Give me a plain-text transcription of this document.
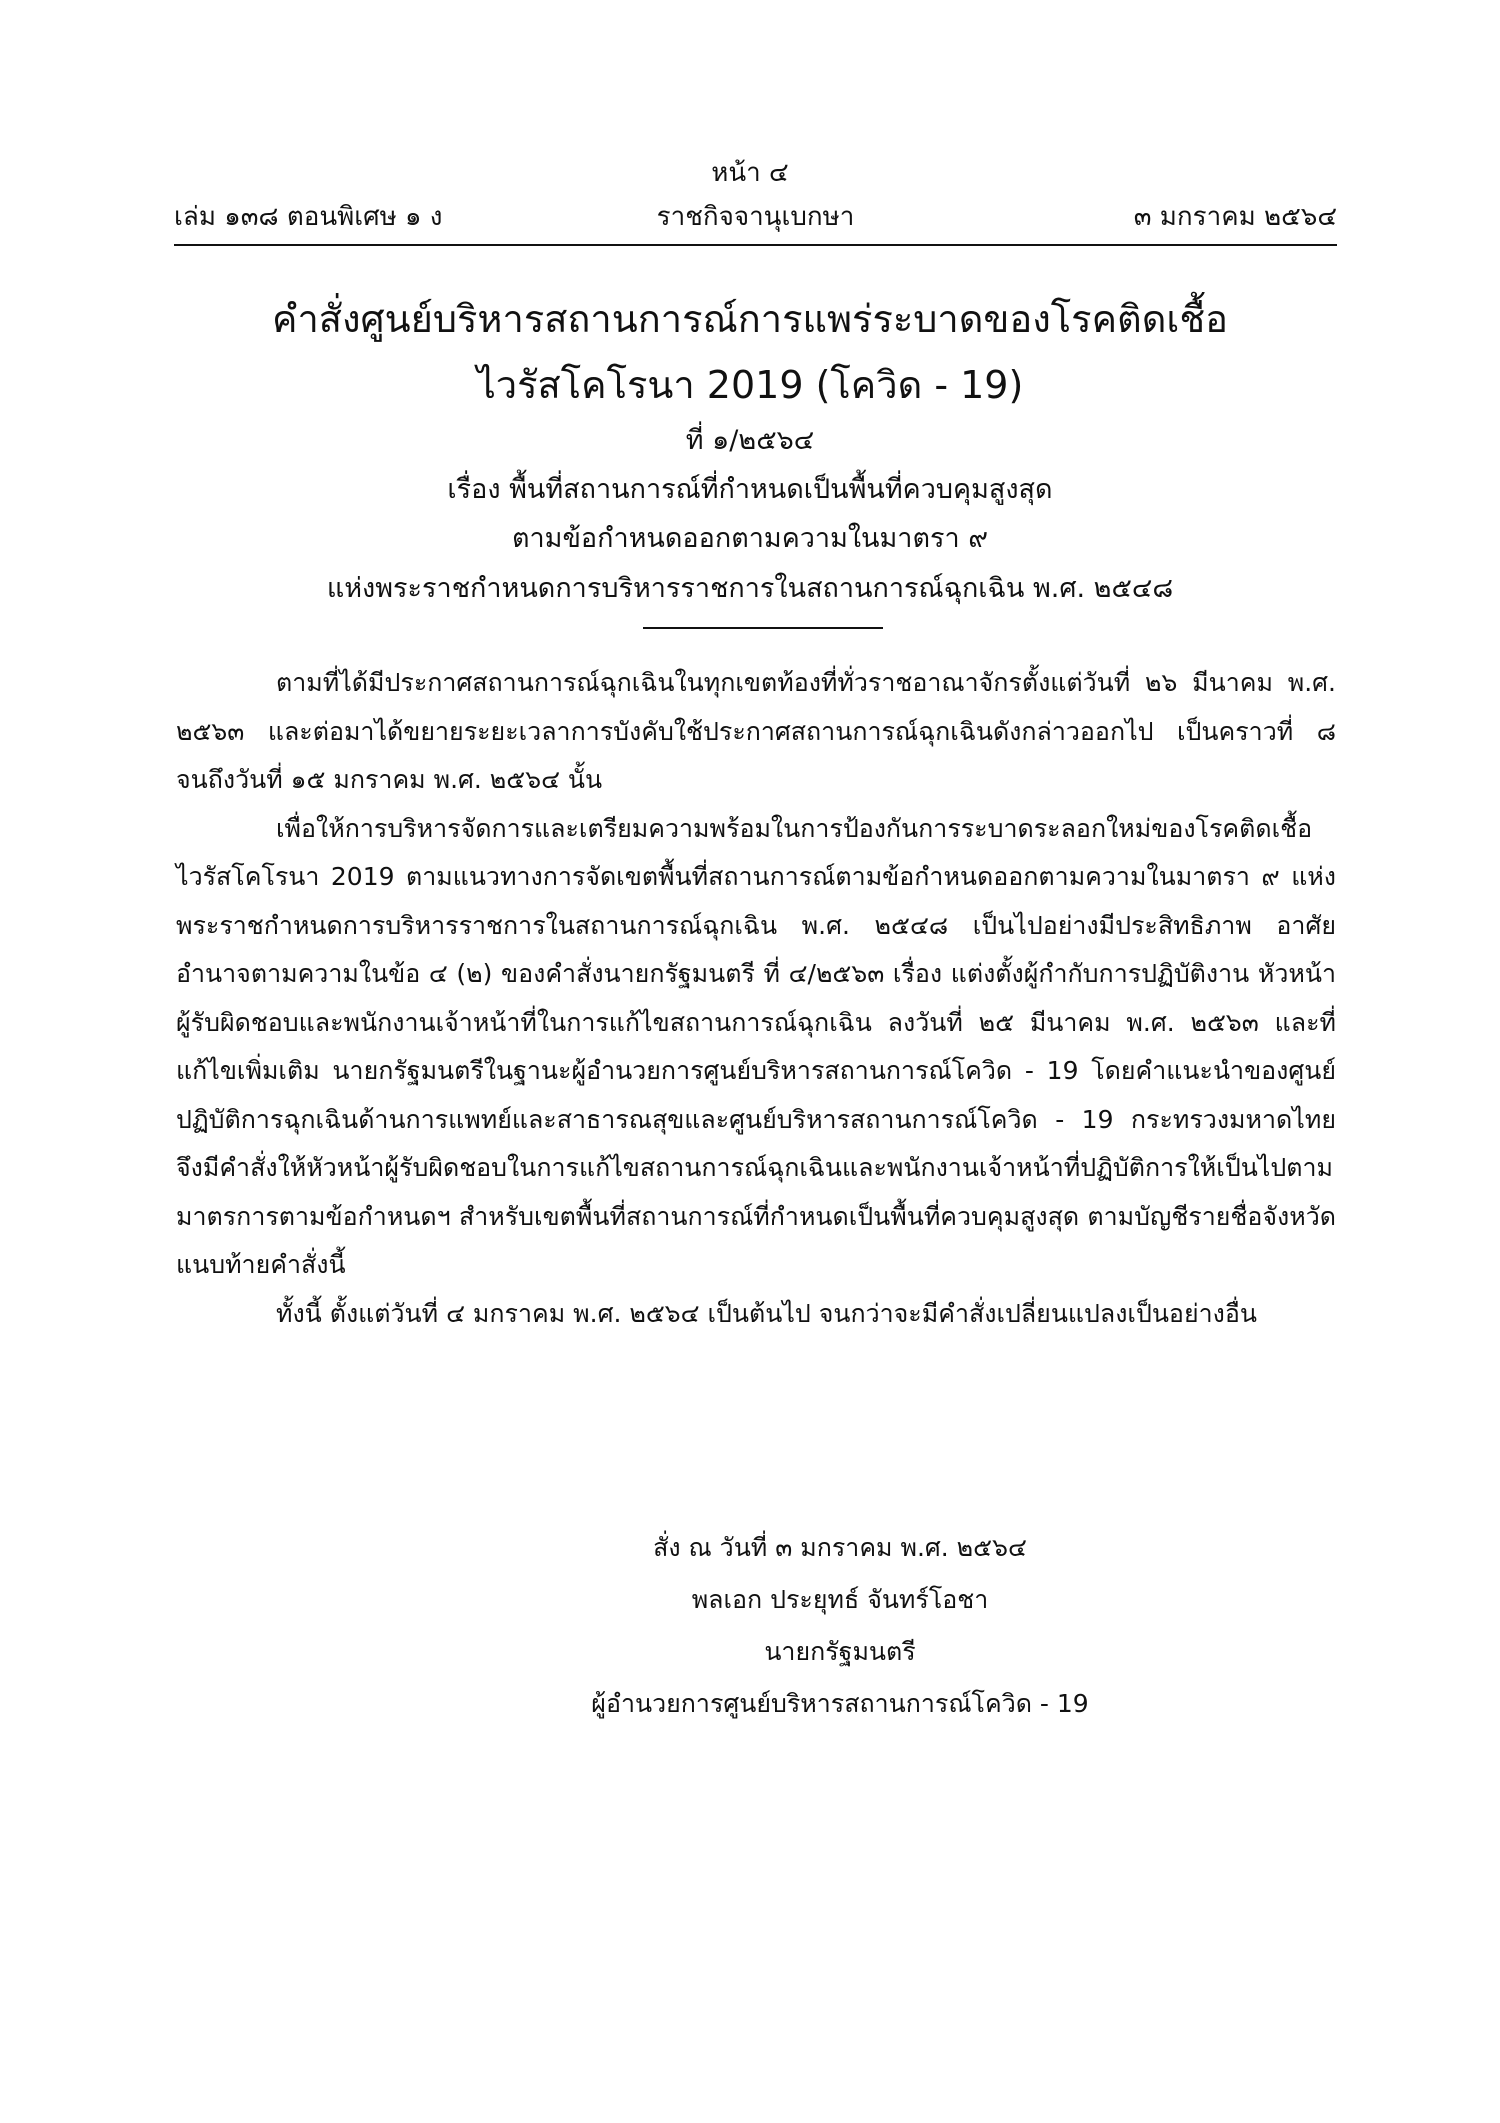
หน้า ๔
เล่ม ๑๓๘ ตอนพิเศษ ๑ ง	ราชกิจจานุเบกษา	๓ มกราคม ๒๕๖๔
คำสั่งศูนย์บริหารสถานการณ์การแพร่ระบาดของโรคติดเชื้อ
ไวรัสโคโรนา 2019 (โควิด - 19)
ที่ ๑/๒๕๖๔
เรื่อง พื้นที่สถานการณ์ที่กำหนดเป็นพื้นที่ควบคุมสูงสุด
ตามข้อกำหนดออกตามความในมาตรา ๙
แห่งพระราชกำหนดการบริหารราชการในสถานการณ์ฉุกเฉิน พ.ศ. ๒๕๔๘

ตามที่ได้มีประกาศสถานการณ์ฉุกเฉินในทุกเขตท้องที่ทั่วราชอาณาจักรตั้งแต่วันที่ ๒๖ มีนาคม พ.ศ. ๒๕๖๓ และต่อมาได้ขยายระยะเวลาการบังคับใช้ประกาศสถานการณ์ฉุกเฉินดังกล่าวออกไป เป็นคราวที่ ๘ จนถึงวันที่ ๑๕ มกราคม พ.ศ. ๒๕๖๔ นั้น

เพื่อให้การบริหารจัดการและเตรียมความพร้อมในการป้องกันการระบาดระลอกใหม่ของโรคติดเชื้อไวรัสโคโรนา 2019 ตามแนวทางการจัดเขตพื้นที่สถานการณ์ตามข้อกำหนดออกตามความในมาตรา ๙ แห่งพระราชกำหนดการบริหารราชการในสถานการณ์ฉุกเฉิน พ.ศ. ๒๕๔๘ เป็นไปอย่างมีประสิทธิภาพ อาศัยอำนาจตามความในข้อ ๔ (๒) ของคำสั่งนายกรัฐมนตรี ที่ ๔/๒๕๖๓ เรื่อง แต่งตั้งผู้กำกับการปฏิบัติงาน หัวหน้าผู้รับผิดชอบและพนักงานเจ้าหน้าที่ในการแก้ไขสถานการณ์ฉุกเฉิน ลงวันที่ ๒๕ มีนาคม พ.ศ. ๒๕๖๓ และที่แก้ไขเพิ่มเติม นายกรัฐมนตรีในฐานะผู้อำนวยการศูนย์บริหารสถานการณ์โควิด - 19 โดยคำแนะนำของศูนย์ปฏิบัติการฉุกเฉินด้านการแพทย์และสาธารณสุขและศูนย์บริหารสถานการณ์โควิด - 19 กระทรวงมหาดไทย จึงมีคำสั่งให้หัวหน้าผู้รับผิดชอบในการแก้ไขสถานการณ์ฉุกเฉินและพนักงานเจ้าหน้าที่ปฏิบัติการให้เป็นไปตามมาตรการตามข้อกำหนดฯ สำหรับเขตพื้นที่สถานการณ์ที่กำหนดเป็นพื้นที่ควบคุมสูงสุด ตามบัญชีรายชื่อจังหวัดแนบท้ายคำสั่งนี้

ทั้งนี้ ตั้งแต่วันที่ ๔ มกราคม พ.ศ. ๒๕๖๔ เป็นต้นไป จนกว่าจะมีคำสั่งเปลี่ยนแปลงเป็นอย่างอื่น

สั่ง ณ วันที่ ๓ มกราคม พ.ศ. ๒๕๖๔
พลเอก ประยุทธ์ จันทร์โอชา
นายกรัฐมนตรี
ผู้อำนวยการศูนย์บริหารสถานการณ์โควิด - 19
